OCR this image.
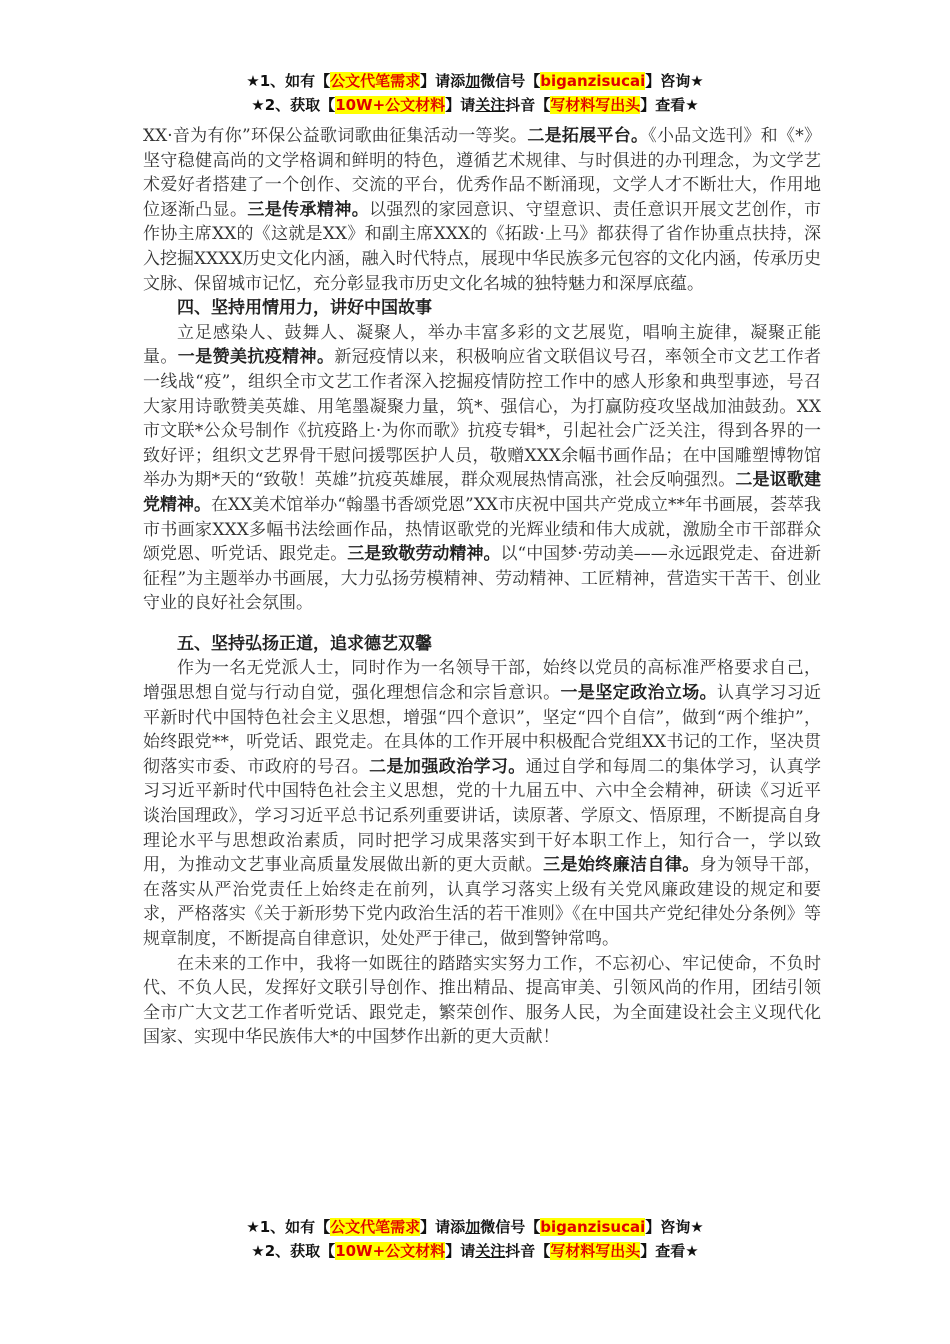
★1、如有【公文代笔需求】请添加微信号【biganzisucai】咨询★
★2、获取【10W+公文材料】请关注抖音【写材料写出头】查看★

XX·音为有你”环保公益歌词歌曲征集活动一等奖。二是拓展平台。《小品文选刊》和《*》坚守稳健高尚的文学格调和鲜明的特色，遵循艺术规律、与时俱进的办刊理念，为文学艺术爱好者搭建了一个创作、交流的平台，优秀作品不断涌现，文学人才不断壮大，作用地位逐渐凸显。三是传承精神。以强烈的家园意识、守望意识、责任意识开展文艺创作，市作协主席XX的《这就是XX》和副主席XXX的《拓跋·上马》都获得了省作协重点扶持，深入挖掘XXXX历史文化内涵，融入时代特点，展现中华民族多元包容的文化内涵，传承历史文脉、保留城市记忆，充分彰显我市历史文化名城的独特魅力和深厚底蕴。

四、坚持用情用力，讲好中国故事

立足感染人、鼓舞人、凝聚人，举办丰富多彩的文艺展览，唱响主旋律，凝聚正能量。一是赞美抗疫精神。新冠疫情以来，积极响应省文联倡议号召，率领全市文艺工作者一线战“疫”，组织全市文艺工作者深入挖掘疫情防控工作中的感人形象和典型事迹，号召大家用诗歌赞美英雄、用笔墨凝聚力量，筑*、强信心，为打赢防疫攻坚战加油鼓劲。XX市文联*公众号制作《抗疫路上·为你而歌》抗疫专辑*，引起社会广泛关注，得到各界的一致好评；组织文艺界骨干慰问援鄂医护人员，敬赠XXX余幅书画作品；在中国雕塑博物馆举办为期*天的“致敬！英雄”抗疫英雄展，群众观展热情高涨，社会反响强烈。二是讴歌建党精神。在XX美术馆举办“翰墨书香颂党恩”XX市庆祝中国共产党成立**年书画展，荟萃我市书画家XXX多幅书法绘画作品，热情讴歌党的光辉业绩和伟大成就，激励全市干部群众颂党恩、听党话、跟党走。三是致敬劳动精神。以“中国梦·劳动美——永远跟党走、奋进新征程”为主题举办书画展，大力弘扬劳模精神、劳动精神、工匠精神，营造实干苦干、创业守业的良好社会氛围。

五、坚持弘扬正道，追求德艺双馨

作为一名无党派人士，同时作为一名领导干部，始终以党员的高标准严格要求自己，增强思想自觉与行动自觉，强化理想信念和宗旨意识。一是坚定政治立场。认真学习习近平新时代中国特色社会主义思想，增强“四个意识”，坚定“四个自信”，做到“两个维护”，始终跟党**，听党话、跟党走。在具体的工作开展中积极配合党组XX书记的工作，坚决贯彻落实市委、市政府的号召。二是加强政治学习。通过自学和每周二的集体学习，认真学习习近平新时代中国特色社会主义思想，党的十九届五中、六中全会精神，研读《习近平谈治国理政》，学习习近平总书记系列重要讲话，读原著、学原文、悟原理，不断提高自身理论水平与思想政治素质，同时把学习成果落实到干好本职工作上，知行合一，学以致用，为推动文艺事业高质量发展做出新的更大贡献。三是始终廉洁自律。身为领导干部，在落实从严治党责任上始终走在前列，认真学习落实上级有关党风廉政建设的规定和要求，严格落实《关于新形势下党内政治生活的若干准则》《在中国共产党纪律处分条例》等规章制度，不断提高自律意识，处处严于律己，做到警钟常鸣。

在未来的工作中，我将一如既往的踏踏实实努力工作，不忘初心、牢记使命，不负时代、不负人民，发挥好文联引导创作、推出精品、提高审美、引领风尚的作用，团结引领全市广大文艺工作者听党话、跟党走，繁荣创作、服务人民，为全面建设社会主义现代化国家、实现中华民族伟大*的中国梦作出新的更大贡献！

★1、如有【公文代笔需求】请添加微信号【biganzisucai】咨询★
★2、获取【10W+公文材料】请关注抖音【写材料写出头】查看★
